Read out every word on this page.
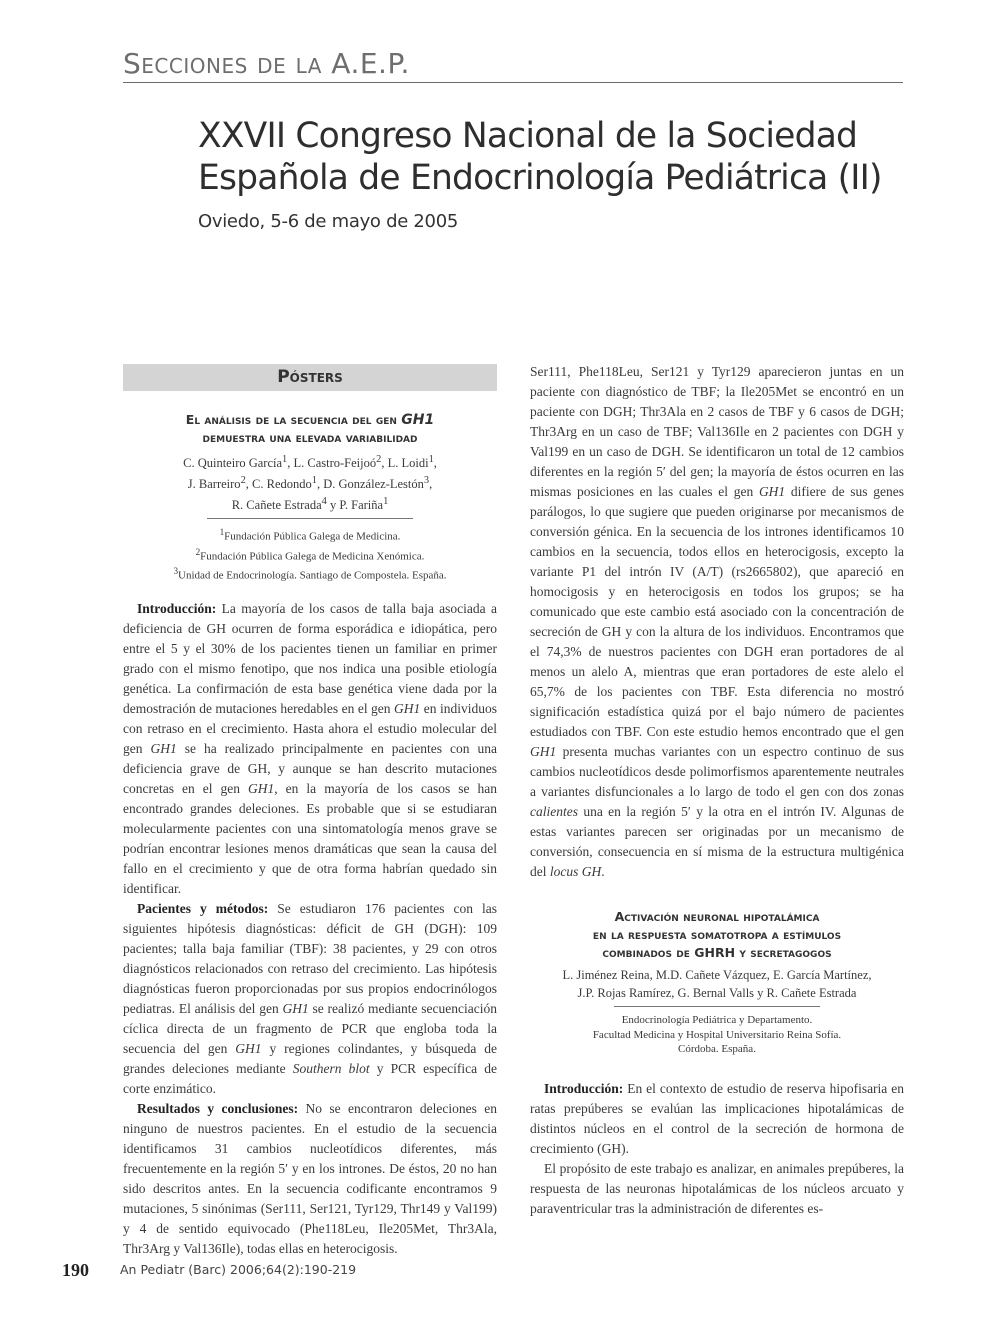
Secciones de la A.E.P.
XXVII Congreso Nacional de la Sociedad
Española de Endocrinología Pediátrica (II)
Oviedo, 5-6 de mayo de 2005
Pósters
El análisis de la secuencia del gen GH1
demuestra una elevada variabilidad
C. Quinteiro García$^1$, L. Castro-Feijoó$^2$, L. Loidi$^1$,
J. Barreiro$^2$, C. Redondo$^1$, D. González-Lestón$^3$,
R. Cañete Estrada$^4$ y P. Fariña$^1$
$^1$Fundación Pública Galega de Medicina.
$^2$Fundación Pública Galega de Medicina Xenómica.
$^3$Unidad de Endocrinología. Santiago de Compostela. España.

Introducción: La mayoría de los casos de talla baja asociada a deficiencia de GH ocurren de forma esporádica e idiopática, pero entre el 5 y el 30% de los pacientes tienen un familiar en primer grado con el mismo fenotipo, que nos indica una posible etiología genética. La confirmación de esta base genética viene dada por la demostración de mutaciones heredables en el gen GH1 en individuos con retraso en el crecimiento. Hasta ahora el estudio molecular del gen GH1 se ha realizado principalmente en pacientes con una deficiencia grave de GH, y aunque se han descrito mutaciones concretas en el gen GH1, en la mayoría de los casos se han encontrado grandes deleciones. Es probable que si se estudiaran molecularmente pacientes con una sintomatología menos grave se podrían encontrar lesiones menos dramáticas que sean la causa del fallo en el crecimiento y que de otra forma habrían quedado sin identificar.

Pacientes y métodos: Se estudiaron 176 pacientes con las siguientes hipótesis diagnósticas: déficit de GH (DGH): 109 pacientes; talla baja familiar (TBF): 38 pacientes, y 29 con otros diagnósticos relacionados con retraso del crecimiento. Las hipótesis diagnósticas fueron proporcionadas por sus propios endocrinólogos pediatras. El análisis del gen GH1 se realizó mediante secuenciación cíclica directa de un fragmento de PCR que engloba toda la secuencia del gen GH1 y regiones colindantes, y búsqueda de grandes deleciones mediante Southern blot y PCR específica de corte enzimático.

Resultados y conclusiones: No se encontraron deleciones en ninguno de nuestros pacientes. En el estudio de la secuencia identificamos 31 cambios nucleotídicos diferentes, más frecuentemente en la región 5′ y en los intrones. De éstos, 20 no han sido descritos antes. En la secuencia codificante encontramos 9 mutaciones, 5 sinónimas (Ser111, Ser121, Tyr129, Thr149 y Val199) y 4 de sentido equivocado (Phe118Leu, Ile205Met, Thr3Ala, Thr3Arg y Val136Ile), todas ellas en heterocigosis.

Ser111, Phe118Leu, Ser121 y Tyr129 aparecieron juntas en un paciente con diagnóstico de TBF; la Ile205Met se encontró en un paciente con DGH; Thr3Ala en 2 casos de TBF y 6 casos de DGH; Thr3Arg en un caso de TBF; Val136Ile en 2 pacientes con DGH y Val199 en un caso de DGH. Se identificaron un total de 12 cambios diferentes en la región 5′ del gen; la mayoría de éstos ocurren en las mismas posiciones en las cuales el gen GH1 difiere de sus genes parálogos, lo que sugiere que pueden originarse por mecanismos de conversión génica. En la secuencia de los intrones identificamos 10 cambios en la secuencia, todos ellos en heterocigosis, excepto la variante P1 del intrón IV (A/T) (rs2665802), que apareció en homocigosis y en heterocigosis en todos los grupos; se ha comunicado que este cambio está asociado con la concentración de secreción de GH y con la altura de los individuos. Encontramos que el 74,3% de nuestros pacientes con DGH eran portadores de al menos un alelo A, mientras que eran portadores de este alelo el 65,7% de los pacientes con TBF. Esta diferencia no mostró significación estadística quizá por el bajo número de pacientes estudiados con TBF. Con este estudio hemos encontrado que el gen GH1 presenta muchas variantes con un espectro continuo de sus cambios nucleotídicos desde polimorfismos aparentemente neutrales a variantes disfuncionales a lo largo de todo el gen con dos zonas calientes una en la región 5′ y la otra en el intrón IV. Algunas de estas variantes parecen ser originadas por un mecanismo de conversión, consecuencia en sí misma de la estructura multigénica del locus GH.

Activación neuronal hipotalámica
en la respuesta somatotropa a estímulos
combinados de GHRH y secretagogos
L. Jiménez Reina, M.D. Cañete Vázquez, E. García Martínez,
J.P. Rojas Ramírez, G. Bernal Valls y R. Cañete Estrada
Endocrinología Pediátrica y Departamento.
Facultad Medicina y Hospital Universitario Reina Sofía.
Córdoba. España.

Introducción: En el contexto de estudio de reserva hipofisaria en ratas prepúberes se evalúan las implicaciones hipotalámicas de distintos núcleos en el control de la secreción de hormona de crecimiento (GH).

El propósito de este trabajo es analizar, en animales prepúberes, la respuesta de las neuronas hipotalámicas de los núcleos arcuato y paraventricular tras la administración de diferentes es-

190 An Pediatr (Barc) 2006;64(2):190-219
